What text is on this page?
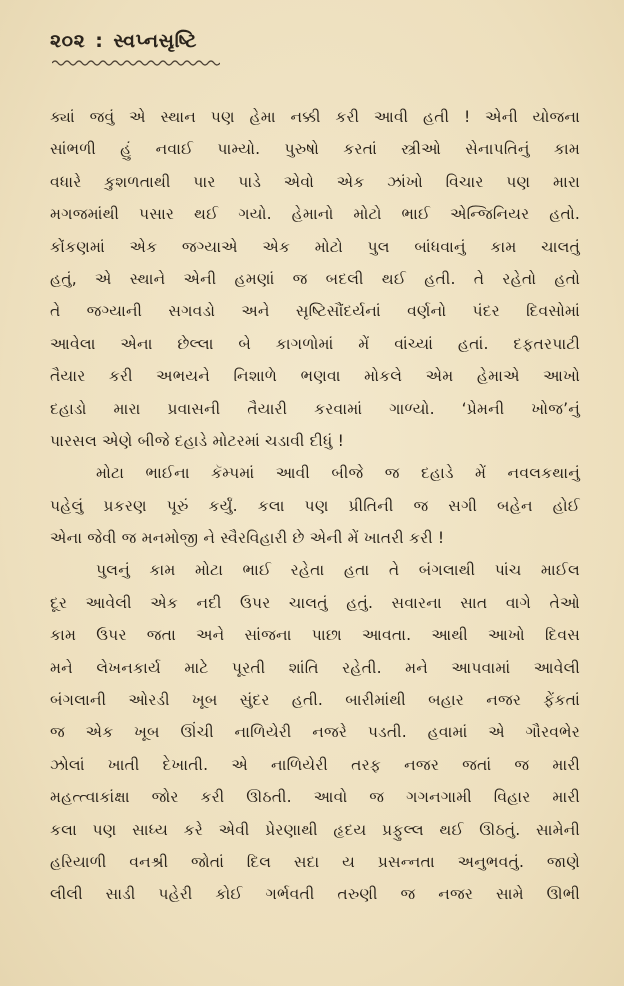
૨૦૨ : સ્વપ્નસૃષ્ટિ
ક્યાં જવું એ સ્થાન પણ હેમા નક્કી કરી આવી હતી ! એની યોજના
સાંભળી હું નવાઈ પામ્યો. પુરુષો કરતાં સ્ત્રીઓ સેનાપતિનું કામ
વધારે કુશળતાથી પાર પાડે એવો એક ઝાંખો વિચાર પણ મારા
મગજમાંથી પસાર થઈ ગયો. હેમાનો મોટો ભાઈ એન્જિનિયર હતો.
કોંકણમાં એક જગ્યાએ એક મોટો પુલ બાંધવાનું કામ ચાલતું
હતું, એ સ્થાને એની હમણાં જ બદલી થઈ હતી. તે રહેતો હતો
તે જગ્યાની સગવડો અને સૃષ્ટિસૌંદર્યનાં વર્ણનો પંદર દિવસોમાં
આવેલા એના છેલ્લા બે કાગળોમાં મેં વાંચ્યાં હતાં. દફતરપાટી
તૈયાર કરી અભયને નિશાળે ભણવા મોકલે એમ હેમાએ આખો
દહાડો મારા પ્રવાસની તૈયારી કરવામાં ગાળ્યો. ‘પ્રેમની ખોજ’નું
પારસલ એણે બીજે દહાડે મોટરમાં ચડાવી દીધું !
મોટા ભાઈના કૅમ્પમાં આવી બીજે જ દહાડે મેં નવલકથાનું
પહેલું પ્રકરણ પૂરું કર્યું. કલા પણ પ્રીતિની જ સગી બહેન હોઈ
એના જેવી જ મનમોજી ને સ્વૈરવિહારી છે એની મેં ખાતરી કરી !
પુલનું કામ મોટા ભાઈ રહેતા હતા તે બંગલાથી પાંચ માઈલ
દૂર આવેલી એક નદી ઉપર ચાલતું હતું. સવારના સાત વાગે તેઓ
કામ ઉપર જતા અને સાંજના પાછા આવતા. આથી આખો દિવસ
મને લેખનકાર્ય માટે પૂરતી શાંતિ રહેતી. મને આપવામાં આવેલી
બંગલાની ઓરડી ખૂબ સુંદર હતી. બારીમાંથી બહાર નજર ફેંકતાં
જ એક ખૂબ ઊંચી નાળિયેરી નજરે પડતી. હવામાં એ ગૌરવભેર
ઝોલાં ખાતી દેખાતી. એ નાળિયેરી તરફ નજર જતાં જ મારી
મહત્ત્વાકાંક્ષા જોર કરી ઊઠતી. આવો જ ગગનગામી વિહાર મારી
કલા પણ સાધ્ય કરે એવી પ્રેરણાથી હૃદય પ્રફુલ્લ થઈ ઊઠતું. સામેની
હરિયાળી વનશ્રી જોતાં દિલ સદા ય પ્રસન્નતા અનુભવતું. જાણે
લીલી સાડી પહેરી કોઈ ગર્ભવતી તરુણી જ નજર સામે ઊભી
